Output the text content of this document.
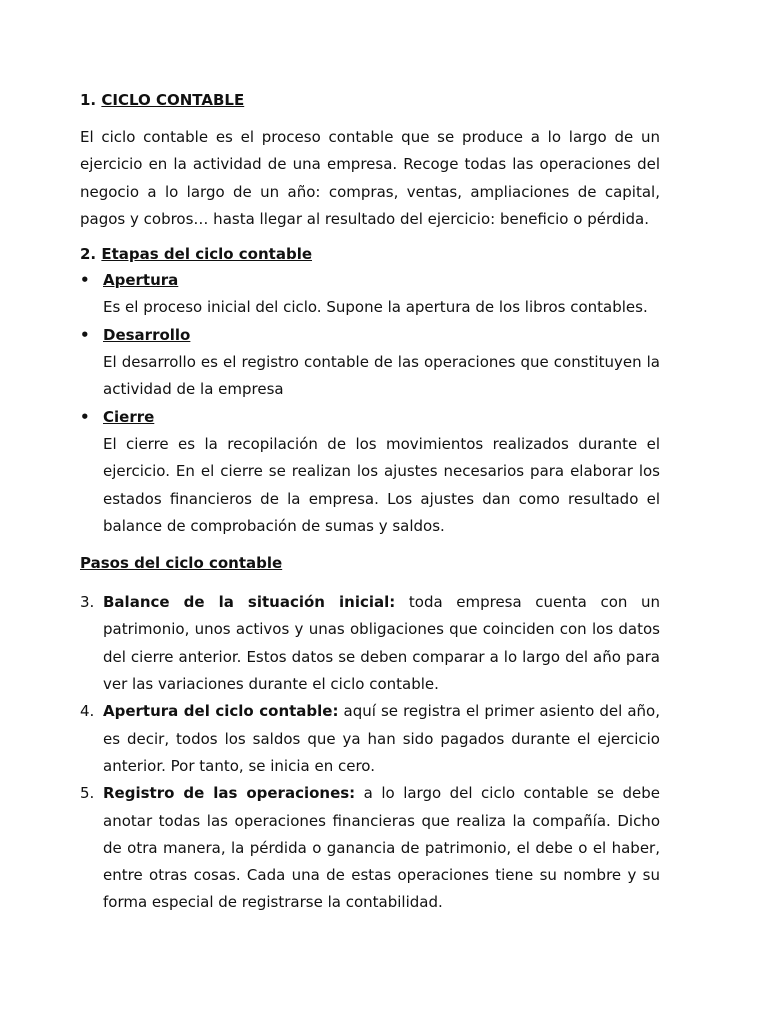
1. CICLO CONTABLE

El ciclo contable es el proceso contable que se produce a lo largo de un ejercicio en la actividad de una empresa. Recoge todas las operaciones del negocio a lo largo de un año: compras, ventas, ampliaciones de capital, pagos y cobros… hasta llegar al resultado del ejercicio: beneficio o pérdida.

2. Etapas del ciclo contable

• Apertura

Es el proceso inicial del ciclo. Supone la apertura de los libros contables.

• Desarrollo

El desarrollo es el registro contable de las operaciones que constituyen la actividad de la empresa

• Cierre

El cierre es la recopilación de los movimientos realizados durante el ejercicio. En el cierre se realizan los ajustes necesarios para elaborar los estados financieros de la empresa. Los ajustes dan como resultado el balance de comprobación de sumas y saldos.

Pasos del ciclo contable

3. Balance de la situación inicial: toda empresa cuenta con un patrimonio, unos activos y unas obligaciones que coinciden con los datos del cierre anterior. Estos datos se deben comparar a lo largo del año para ver las variaciones durante el ciclo contable.

4. Apertura del ciclo contable: aquí se registra el primer asiento del año, es decir, todos los saldos que ya han sido pagados durante el ejercicio anterior. Por tanto, se inicia en cero.

5. Registro de las operaciones: a lo largo del ciclo contable se debe anotar todas las operaciones financieras que realiza la compañía. Dicho de otra manera, la pérdida o ganancia de patrimonio, el debe o el haber, entre otras cosas. Cada una de estas operaciones tiene su nombre y su forma especial de registrarse la contabilidad.
